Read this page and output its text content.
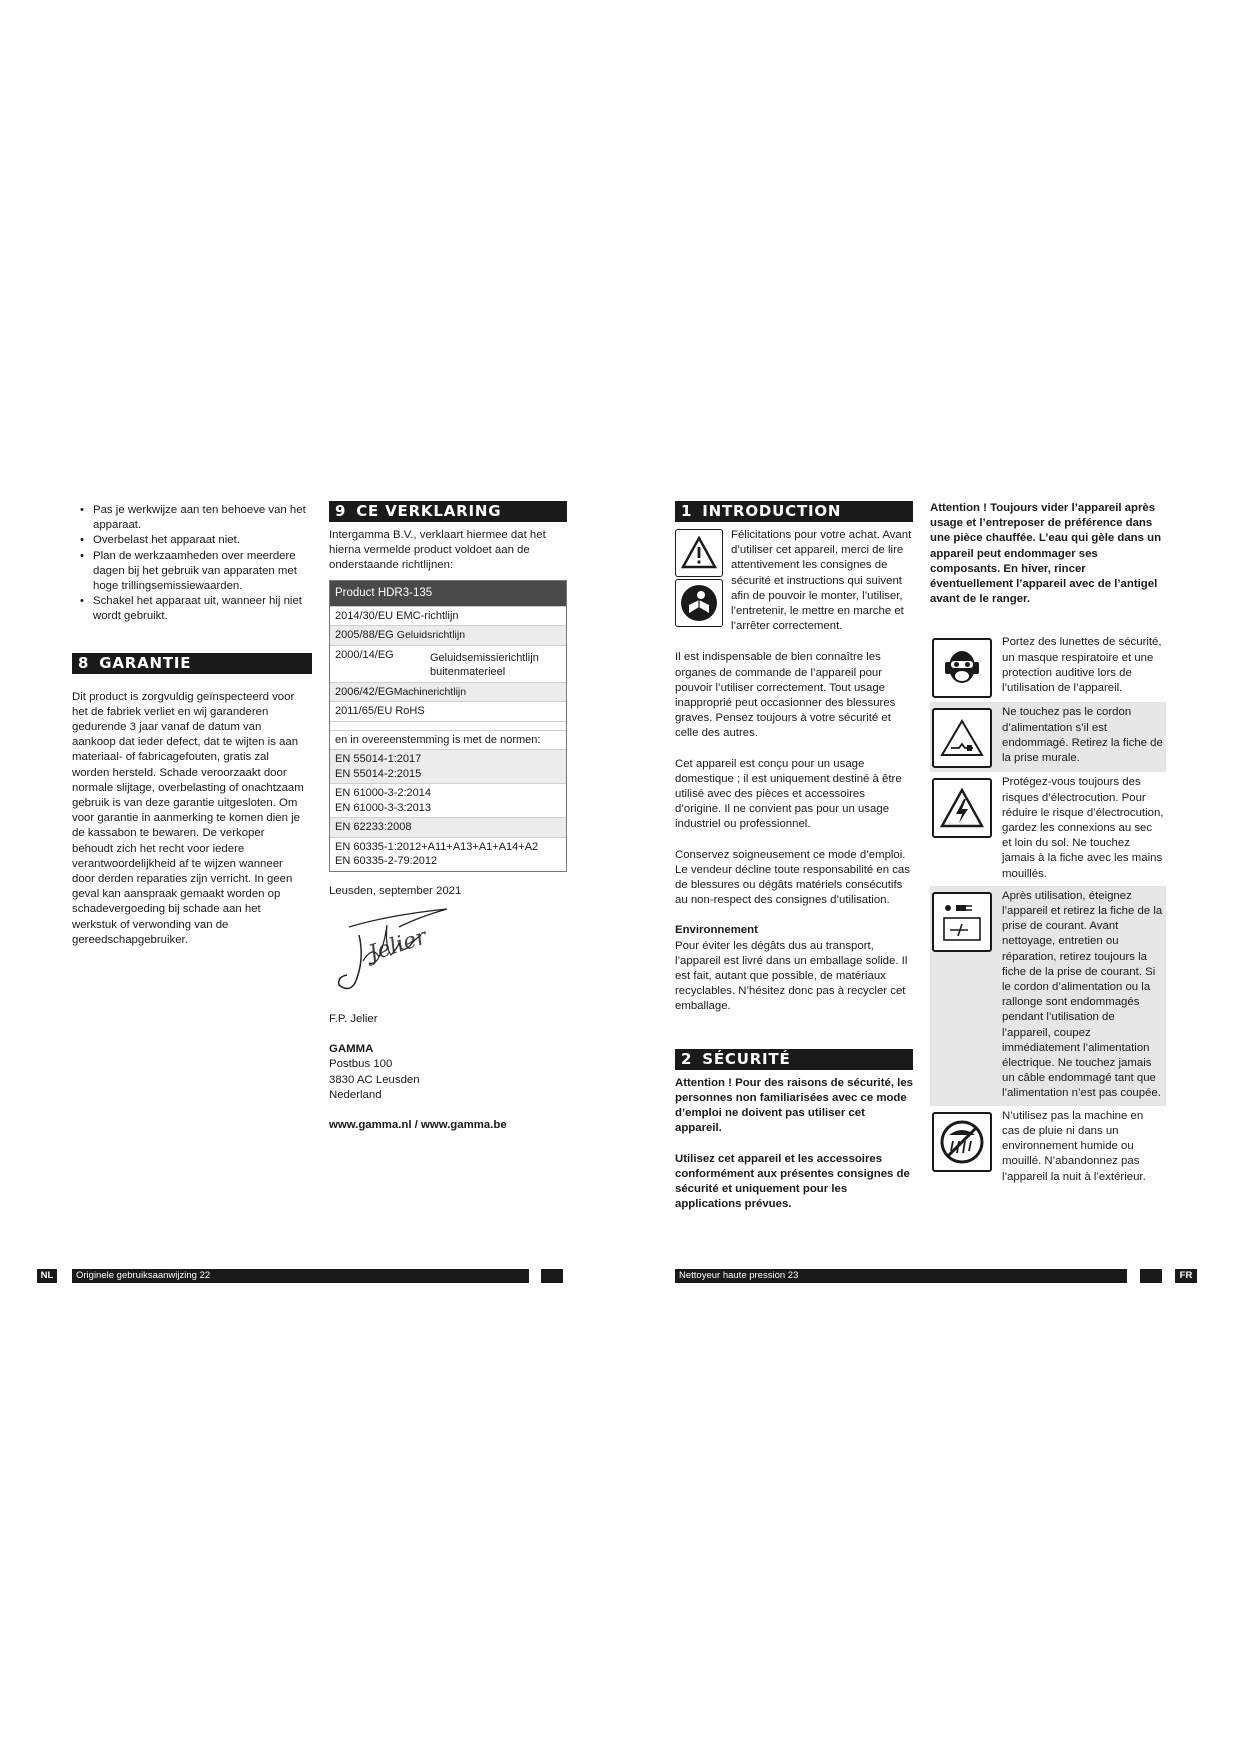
• Pas je werkwijze aan ten behoeve van het apparaat.
• Overbelast het apparaat niet.
• Plan de werkzaamheden over meerdere dagen bij het gebruik van apparaten met hoge trillingsemissiewaarden.
• Schakel het apparaat uit, wanneer hij niet wordt gebruikt.
8 GARANTIE

Dit product is zorgvuldig geïnspecteerd voor het de fabriek verliet en wij garanderen gedurende 3 jaar vanaf de datum van aankoop dat ieder defect, dat te wijten is aan materiaal- of fabricagefouten, gratis zal worden hersteld. Schade veroorzaakt door normale slijtage, overbelasting of onachtzaam gebruik is van deze garantie uitgesloten. Om voor garantie in aanmerking te komen dien je de kassabon te bewaren. De verkoper behoudt zich het recht voor iedere verantwoordelijkheid af te wijzen wanneer door derden reparaties zijn verricht. In geen geval kan aanspraak gemaakt worden op schadevergoeding bij schade aan het werkstuk of verwonding van de gereedschapgebruiker.

9 CE VERKLARING

Intergamma B.V., verklaart hiermee dat het hierna vermelde product voldoet aan de onderstaande richtlijnen:

Product HDR3-135
2014/30/EU EMC-richtlijn
2005/88/EG Geluidsrichtlijn
2000/14/EG	Geluidsemissierichtlijn buitenmaterieel
2006/42/EGMachinerichtlijn
2011/65/EU RoHS
en in overeenstemming is met de normen:
EN 55014-1:2017
EN 55014-2:2015
EN 61000-3-2:2014
EN 61000-3-3:2013
EN 62233:2008
EN 60335-1:2012+A11+A13+A1+A14+A2
EN 60335-2-79:2012

Leusden, september 2021

Jelier

F.P. Jelier

GAMMA

Postbus 100

3830 AC Leusden

Nederland

www.gamma.nl / www.gamma.be

1 INTRODUCTION

Félicitations pour votre achat. Avant d’utiliser cet appareil, merci de lire attentivement les consignes de sécurité et instructions qui suivent afin de pouvoir le monter, l’utiliser, l’entretenir, le mettre en marche et l’arrêter correctement.

Il est indispensable de bien connaître les organes de commande de l’appareil pour pouvoir l’utiliser correctement. Tout usage inapproprié peut occasionner des blessures graves. Pensez toujours à votre sécurité et celle des autres.

Cet appareil est conçu pour un usage domestique ; il est uniquement destiné à être utilisé avec des pièces et accessoires d’origine. Il ne convient pas pour un usage industriel ou professionnel.

Conservez soigneusement ce mode d’emploi. Le vendeur décline toute responsabilité en cas de blessures ou dégâts matériels consécutifs au non-respect des consignes d’utilisation.

Environnement

Pour éviter les dégâts dus au transport, l’appareil est livré dans un emballage solide. Il est fait, autant que possible, de matériaux recyclables. N’hésitez donc pas à recycler cet emballage.

2 SÉCURITÉ

Attention ! Pour des raisons de sécurité, les personnes non familiarisées avec ce mode d’emploi ne doivent pas utiliser cet appareil.

Utilisez cet appareil et les accessoires conformément aux présentes consignes de sécurité et uniquement pour les applications prévues.

Attention ! Toujours vider l’appareil après usage et l’entreposer de préférence dans une pièce chauffée. L’eau qui gèle dans un appareil peut endommager ses composants. En hiver, rincer éventuellement l’appareil avec de l’antigel avant de le ranger.

Portez des lunettes de sécurité, un masque respiratoire et une protection auditive lors de l’utilisation de l’appareil.
Ne touchez pas le cordon d’alimentation s’il est endommagé. Retirez la fiche de la prise murale.
Protégez-vous toujours des risques d’électrocution. Pour réduire le risque d’électrocution, gardez les connexions au sec et loin du sol. Ne touchez jamais à la fiche avec les mains mouillés.
Après utilisation, éteignez l’appareil et retirez la fiche de la prise de courant. Avant nettoyage, entretien ou réparation, retirez toujours la fiche de la prise de courant. Si le cordon d’alimentation ou la rallonge sont endommagés pendant l’utilisation de l’appareil, coupez immédiatement l’alimentation électrique. Ne touchez jamais un câble endommagé tant que l’alimentation n’est pas coupée.
N’utilisez pas la machine en cas de pluie ni dans un environnement humide ou mouillé. N’abandonnez pas l’appareil la nuit à l’extérieur.
NL	Originele gebruiksaanwijzing 22	Nettoyeur haute pression 23	FR
